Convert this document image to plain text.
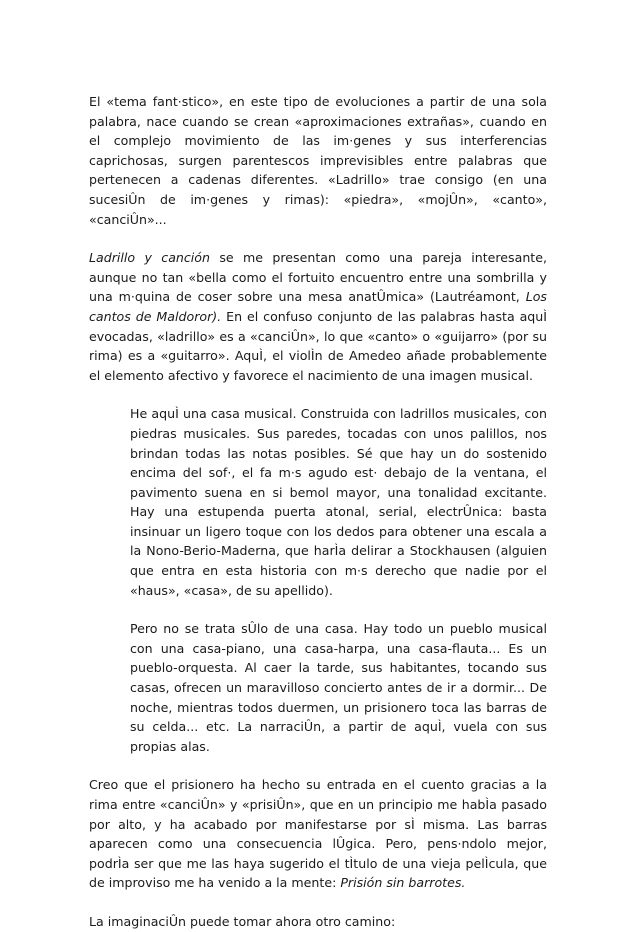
El «tema fant·stico», en este tipo de evoluciones a partir de una sola palabra, nace cuando se crean «aproximaciones extrañas», cuando en el complejo movimiento de las im·genes y sus interferencias caprichosas, surgen parentescos imprevisibles entre palabras que pertenecen a cadenas diferentes. «Ladrillo» trae consigo (en una sucesiÛn de im·genes y rimas): «piedra», «mojÛn», «canto», «canciÛn»...

Ladrillo y canción se me presentan como una pareja interesante, aunque no tan «bella como el fortuito encuentro entre una sombrilla y una m·quina de coser sobre una mesa anatÛmica» (Lautréamont, Los cantos de Maldoror). En el confuso conjunto de las palabras hasta aquÌ evocadas, «ladrillo» es a «canciÛn», lo que «canto» o «guijarro» (por su rima) es a «guitarro». AquÌ, el violÌn de Amedeo añade probablemente el elemento afectivo y favorece el nacimiento de una imagen musical.

He aquÌ una casa musical. Construida con ladrillos musicales, con piedras musicales. Sus paredes, tocadas con unos palillos, nos brindan todas las notas posibles. Sé que hay un do sostenido encima del sof·, el fa m·s agudo est· debajo de la ventana, el pavimento suena en si bemol mayor, una tonalidad excitante. Hay una estupenda puerta atonal, serial, electrÛnica: basta insinuar un ligero toque con los dedos para obtener una escala a la Nono-Berio-Maderna, que harÌa delirar a Stockhausen (alguien que entra en esta historia con m·s derecho que nadie por el «haus», «casa», de su apellido).

Pero no se trata sÛlo de una casa. Hay todo un pueblo musical con una casa-piano, una casa-harpa, una casa-flauta... Es un pueblo-orquesta. Al caer la tarde, sus habitantes, tocando sus casas, ofrecen un maravilloso concierto antes de ir a dormir... De noche, mientras todos duermen, un prisionero toca las barras de su celda... etc. La narraciÛn, a partir de aquÌ, vuela con sus propias alas.

Creo que el prisionero ha hecho su entrada en el cuento gracias a la rima entre «canciÛn» y «prisiÛn», que en un principio me habÌa pasado por alto, y ha acabado por manifestarse por sÌ misma. Las barras aparecen como una consecuencia lÛgica. Pero, pens·ndolo mejor, podrÌa ser que me las haya sugerido el tÌtulo de una vieja pelÌcula, que de improviso me ha venido a la mente: Prisión sin barrotes.

La imaginaciÛn puede tomar ahora otro camino:
